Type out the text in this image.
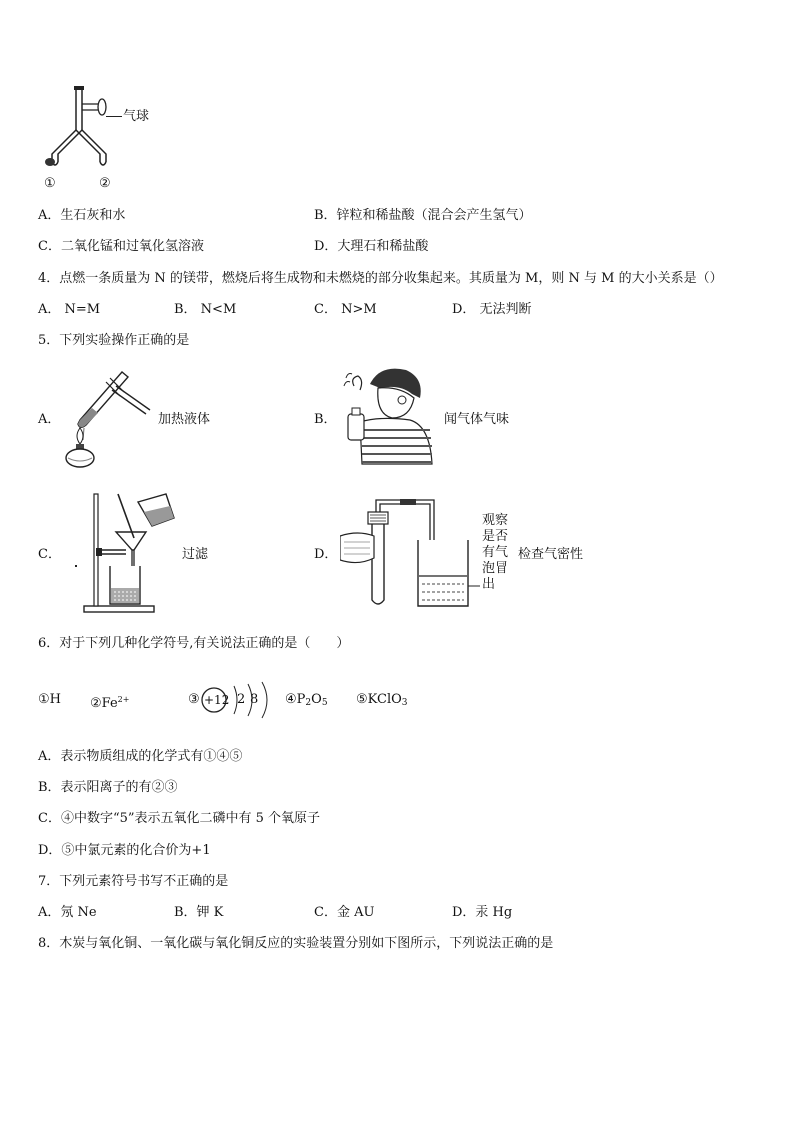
气球
①	②
A．生石灰和水	B．锌粒和稀盐酸（混合会产生氢气）
C．二氧化锰和过氧化氢溶液	D．大理石和稀盐酸
4．点燃一条质量为 N 的镁带，燃烧后将生成物和未燃烧的部分收集起来。其质量为 M，则 N 与 M 的大小关系是（）
A． N=M	B． N<M	C． N>M	D． 无法判断
5．下列实验操作正确的是
A．	加热液体	B．	闻气体气味
C．	过滤	D．
观察
是否
有气
泡冒
出
检查气密性
6．对于下列几种化学符号,有关说法正确的是（　　）
①H $②Fe^{2+}$	③ +12 2 8 $④P_2O_5$ ⑤KClO$_3$
A．表示物质组成的化学式有①④⑤
B．表示阳离子的有②③
C．④中数字“5”表示五氧化二磷中有 5 个氧原子
D．⑤中氯元素的化合价为+1
7．下列元素符号书写不正确的是
A．氖 Ne	B．钾 K	C．金 AU	D．汞 Hg
8．木炭与氧化铜、一氧化碳与氧化铜反应的实验装置分别如下图所示，下列说法正确的是
